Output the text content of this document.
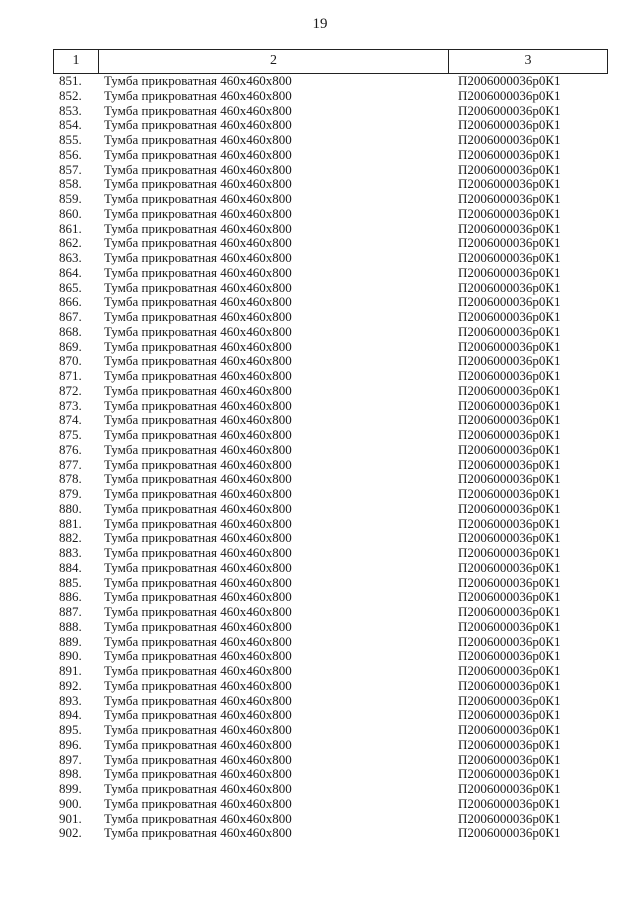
19
1	2	3
851.	Тумба прикроватная 460х460х800	П2006000036р0К1
852.	Тумба прикроватная 460х460х800	П2006000036р0К1
853.	Тумба прикроватная 460х460х800	П2006000036р0К1
854.	Тумба прикроватная 460х460х800	П2006000036р0К1
855.	Тумба прикроватная 460х460х800	П2006000036р0К1
856.	Тумба прикроватная 460х460х800	П2006000036р0К1
857.	Тумба прикроватная 460х460х800	П2006000036р0К1
858.	Тумба прикроватная 460х460х800	П2006000036р0К1
859.	Тумба прикроватная 460х460х800	П2006000036р0К1
860.	Тумба прикроватная 460х460х800	П2006000036р0К1
861.	Тумба прикроватная 460х460х800	П2006000036р0К1
862.	Тумба прикроватная 460х460х800	П2006000036р0К1
863.	Тумба прикроватная 460х460х800	П2006000036р0К1
864.	Тумба прикроватная 460х460х800	П2006000036р0К1
865.	Тумба прикроватная 460х460х800	П2006000036р0К1
866.	Тумба прикроватная 460х460х800	П2006000036р0К1
867.	Тумба прикроватная 460х460х800	П2006000036р0К1
868.	Тумба прикроватная 460х460х800	П2006000036р0К1
869.	Тумба прикроватная 460х460х800	П2006000036р0К1
870.	Тумба прикроватная 460х460х800	П2006000036р0К1
871.	Тумба прикроватная 460х460х800	П2006000036р0К1
872.	Тумба прикроватная 460х460х800	П2006000036р0К1
873.	Тумба прикроватная 460х460х800	П2006000036р0К1
874.	Тумба прикроватная 460х460х800	П2006000036р0К1
875.	Тумба прикроватная 460х460х800	П2006000036р0К1
876.	Тумба прикроватная 460х460х800	П2006000036р0К1
877.	Тумба прикроватная 460х460х800	П2006000036р0К1
878.	Тумба прикроватная 460х460х800	П2006000036р0К1
879.	Тумба прикроватная 460х460х800	П2006000036р0К1
880.	Тумба прикроватная 460х460х800	П2006000036р0К1
881.	Тумба прикроватная 460х460х800	П2006000036р0К1
882.	Тумба прикроватная 460х460х800	П2006000036р0К1
883.	Тумба прикроватная 460х460х800	П2006000036р0К1
884.	Тумба прикроватная 460х460х800	П2006000036р0К1
885.	Тумба прикроватная 460х460х800	П2006000036р0К1
886.	Тумба прикроватная 460х460х800	П2006000036р0К1
887.	Тумба прикроватная 460х460х800	П2006000036р0К1
888.	Тумба прикроватная 460х460х800	П2006000036р0К1
889.	Тумба прикроватная 460х460х800	П2006000036р0К1
890.	Тумба прикроватная 460х460х800	П2006000036р0К1
891.	Тумба прикроватная 460х460х800	П2006000036р0К1
892.	Тумба прикроватная 460х460х800	П2006000036р0К1
893.	Тумба прикроватная 460х460х800	П2006000036р0К1
894.	Тумба прикроватная 460х460х800	П2006000036р0К1
895.	Тумба прикроватная 460х460х800	П2006000036р0К1
896.	Тумба прикроватная 460х460х800	П2006000036р0К1
897.	Тумба прикроватная 460х460х800	П2006000036р0К1
898.	Тумба прикроватная 460х460х800	П2006000036р0К1
899.	Тумба прикроватная 460х460х800	П2006000036р0К1
900.	Тумба прикроватная 460х460х800	П2006000036р0К1
901.	Тумба прикроватная 460х460х800	П2006000036р0К1
902.	Тумба прикроватная 460х460х800	П2006000036р0К1
